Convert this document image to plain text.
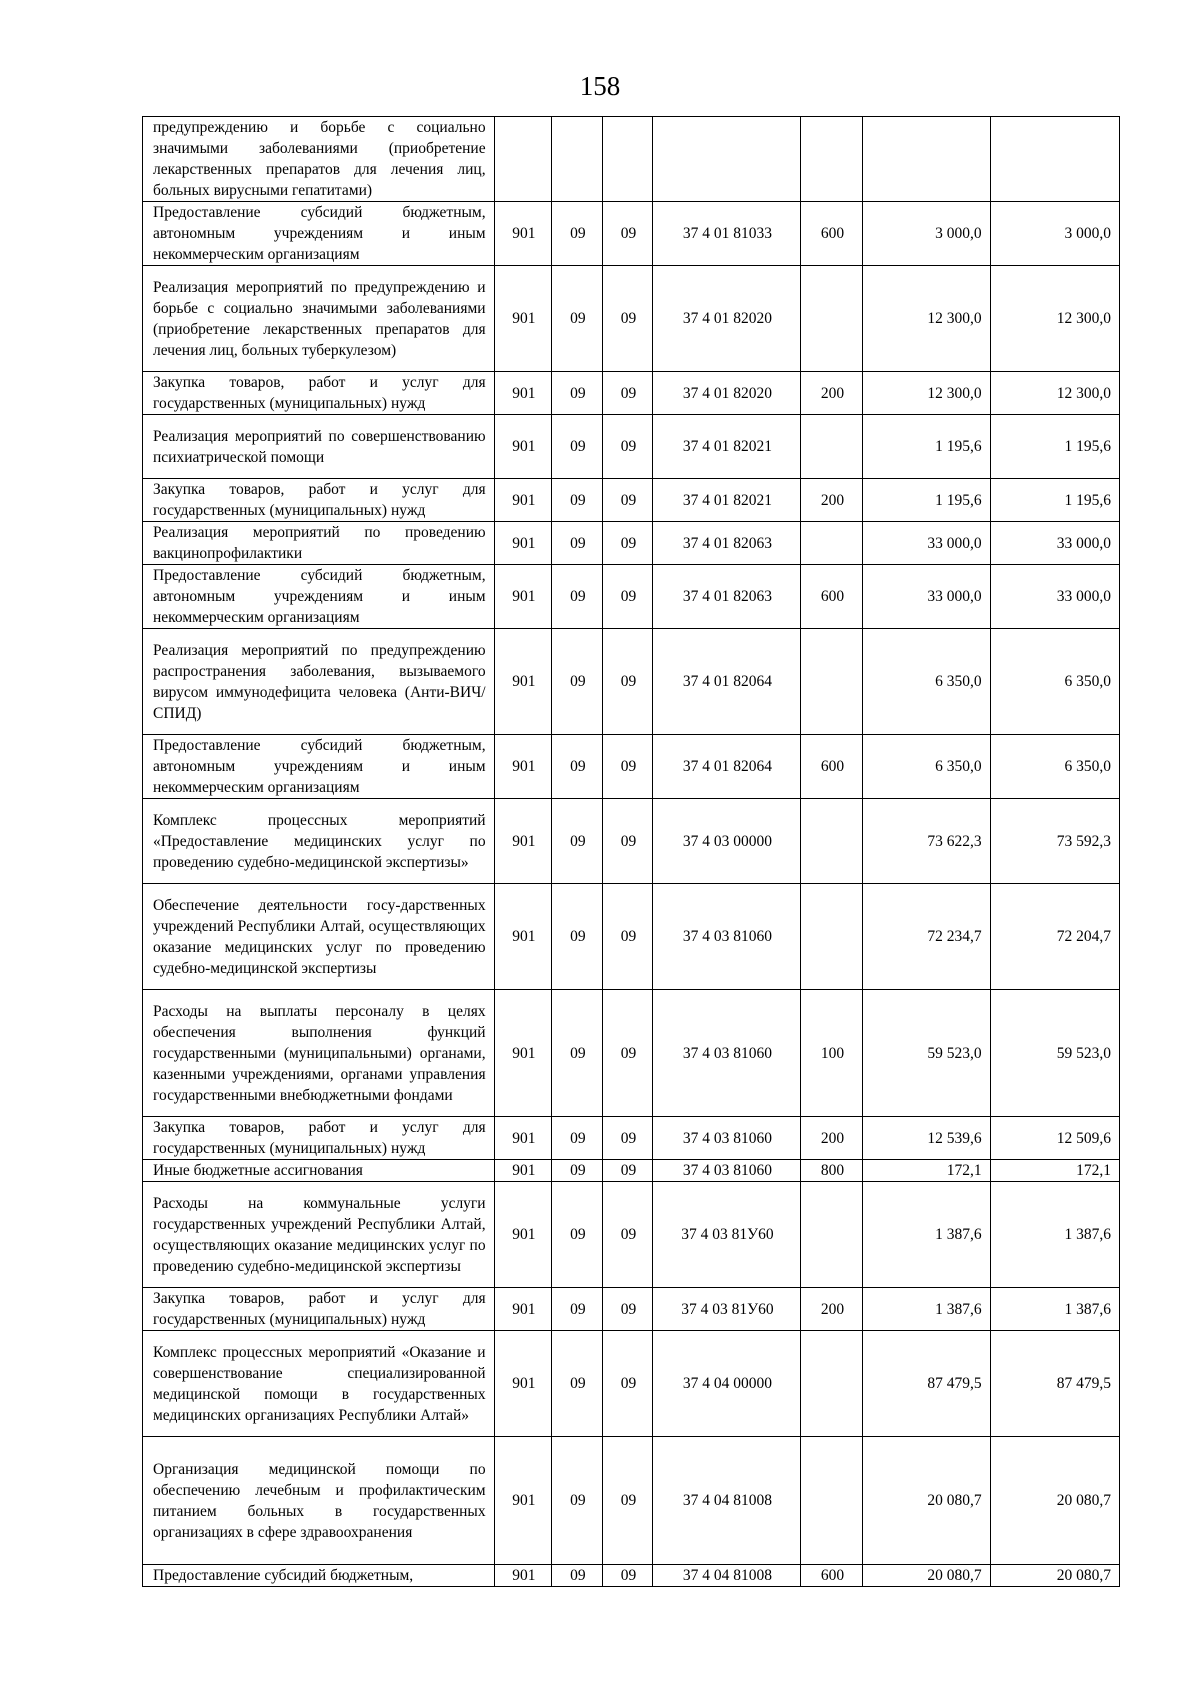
158
предупреждению и борьбе с социально значимыми заболеваниями (приобретение лекарственных препаратов для лечения лиц, больных вирусными гепатитами)							
Предоставление субсидий бюджетным, автономным учреждениям и иным некоммерческим организациям	901	09	09	37 4 01 81033	600	3 000,0	3 000,0
Реализация мероприятий по предупреждению и борьбе с социально значимыми заболеваниями (приобретение лекарственных препаратов для лечения лиц, больных туберкулезом)	901	09	09	37 4 01 82020		12 300,0	12 300,0
Закупка товаров, работ и услуг для государственных (муниципальных) нужд	901	09	09	37 4 01 82020	200	12 300,0	12 300,0
Реализация мероприятий по совершенствованию психиатрической помощи	901	09	09	37 4 01 82021		1 195,6	1 195,6
Закупка товаров, работ и услуг для государственных (муниципальных) нужд	901	09	09	37 4 01 82021	200	1 195,6	1 195,6
Реализация мероприятий по проведению вакцинопрофилактики	901	09	09	37 4 01 82063		33 000,0	33 000,0
Предоставление субсидий бюджетным, автономным учреждениям и иным некоммерческим организациям	901	09	09	37 4 01 82063	600	33 000,0	33 000,0
Реализация мероприятий по предупреждению распространения заболевания, вызываемого вирусом иммунодефицита человека (Анти-ВИЧ/СПИД)	901	09	09	37 4 01 82064		6 350,0	6 350,0
Предоставление субсидий бюджетным, автономным учреждениям и иным некоммерческим организациям	901	09	09	37 4 01 82064	600	6 350,0	6 350,0
Комплекс процессных мероприятий «Предоставление медицинских услуг по проведению судебно-медицинской экспертизы»	901	09	09	37 4 03 00000		73 622,3	73 592,3
Обеспечение деятельности госу-дарственных учреждений Республики Алтай, осуществляющих оказание медицинских услуг по проведению судебно-медицинской экспертизы	901	09	09	37 4 03 81060		72 234,7	72 204,7
Расходы на выплаты персоналу в целях обеспечения выполнения функций государственными (муниципальными) органами, казенными учреждениями, органами управления государственными внебюджетными фондами	901	09	09	37 4 03 81060	100	59 523,0	59 523,0
Закупка товаров, работ и услуг для государственных (муниципальных) нужд	901	09	09	37 4 03 81060	200	12 539,6	12 509,6
Иные бюджетные ассигнования	901	09	09	37 4 03 81060	800	172,1	172,1
Расходы на коммунальные услуги государственных учреждений Республики Алтай, осуществляющих оказание медицинских услуг по проведению судебно-медицинской экспертизы	901	09	09	37 4 03 81У60		1 387,6	1 387,6
Закупка товаров, работ и услуг для государственных (муниципальных) нужд	901	09	09	37 4 03 81У60	200	1 387,6	1 387,6
Комплекс процессных мероприятий «Оказание и совершенствование специализированной медицинской помощи в государственных медицинских организациях Республики Алтай»	901	09	09	37 4 04 00000		87 479,5	87 479,5
Организация медицинской помощи по обеспечению лечебным и профилактическим питанием больных в государственных организациях в сфере здравоохранения	901	09	09	37 4 04 81008		20 080,7	20 080,7
Предоставление субсидий бюджетным,	901	09	09	37 4 04 81008	600	20 080,7	20 080,7
